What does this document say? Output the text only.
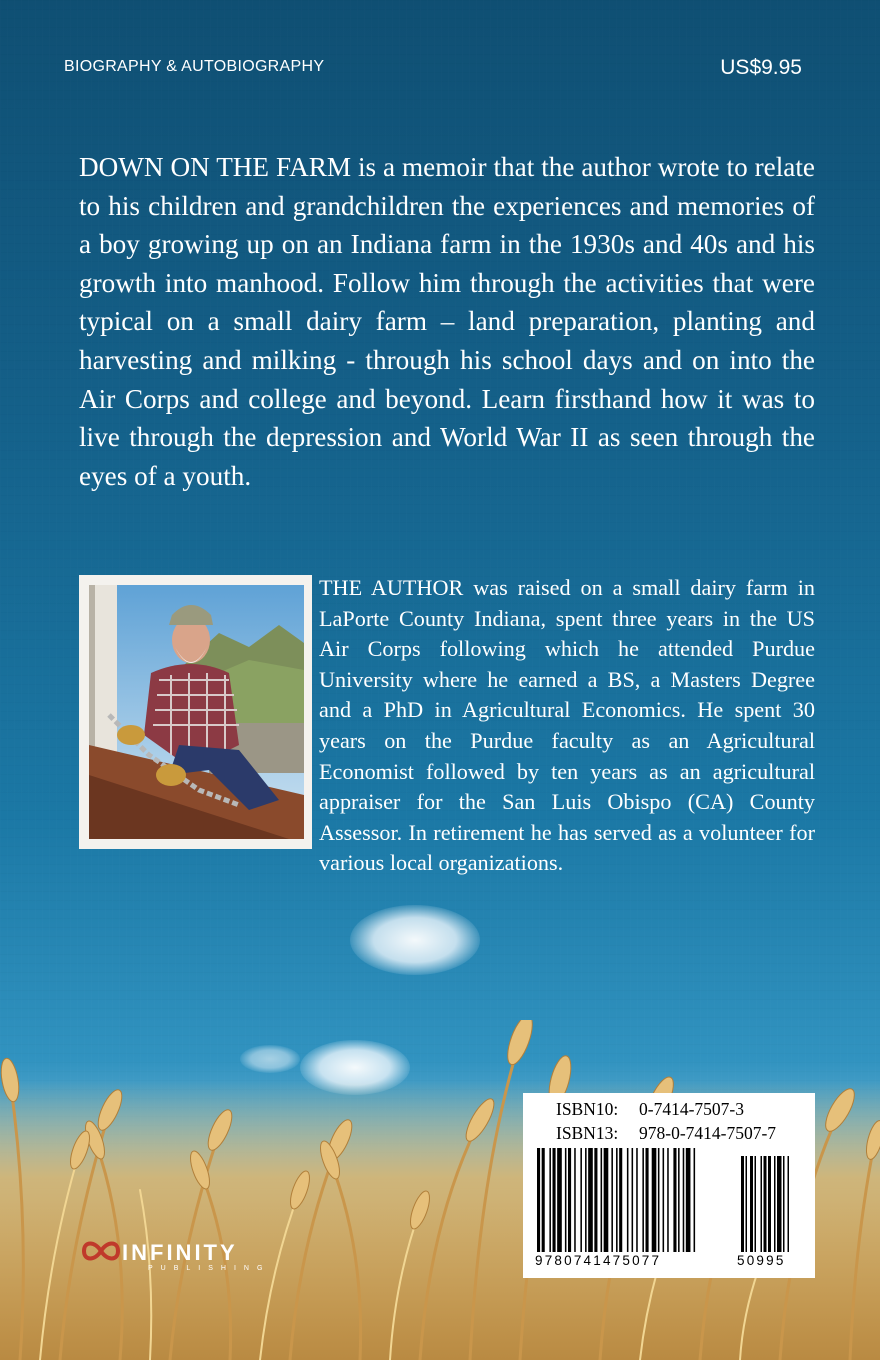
BIOGRAPHY & AUTOBIOGRAPHY	US$9.95

DOWN ON THE FARM is a memoir that the author wrote to relate to his children and grandchildren the experiences and memories of a boy growing up on an Indiana farm in the 1930s and 40s and his growth into manhood. Follow him through the activities that were typical on a small dairy farm – land preparation, planting and harvesting and milking - through his school days and on into the Air Corps and college and beyond. Learn firsthand how it was to live through the depression and World War II as seen through the eyes of a youth.

THE AUTHOR was raised on a small dairy farm in LaPorte County Indiana, spent three years in the US Air Corps following which he attended Purdue University where he earned a BS, a Masters Degree and a PhD in Agricultural Economics. He spent 30 years on the Purdue faculty as an Agricultural Economist followed by ten years as an agricultural appraiser for the San Luis Obispo (CA) County Assessor. In retirement he has served as a volunteer for various local organizations.
ISBN10: 0-7414-7507-3
ISBN13: 978-0-7414-7507-7
9780741475077	50995
INFINITY
PUBLISHING
